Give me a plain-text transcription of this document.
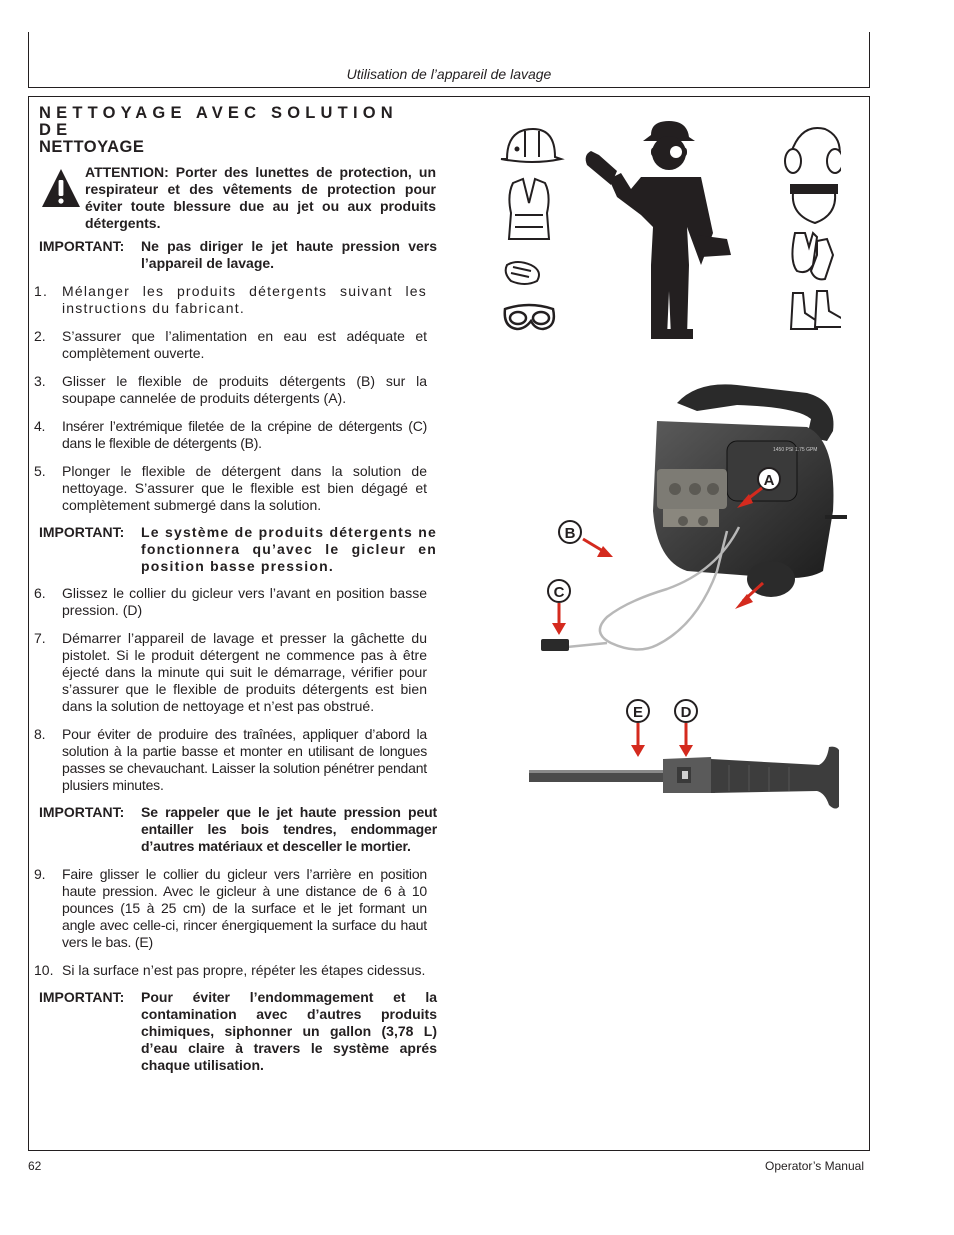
Utilisation de l’appareil de lavage
NETTOYAGE AVEC SOLUTION DE
NETTOYAGE
ATTENTION: Porter des lunettes de protection, un respirateur et des vêtements de protection pour éviter toute blessure due au jet ou aux produits détergents.
IMPORTANT: Ne pas diriger le jet haute pression vers l’appareil de lavage.
1. Mélanger les produits détergents suivant les instructions du fabricant.
2. S’assurer que l’alimentation en eau est adéquate et complètement ouverte.
3. Glisser le flexible de produits détergents (B) sur la soupape cannelée de produits détergents (A).
4. Insérer l’extrémique filetée de la crépine de détergents (C) dans le flexible de détergents (B).
5. Plonger le flexible de détergent dans la solution de nettoyage. S’assurer que le flexible est bien dégagé et complètement submergé dans la solution.
IMPORTANT: Le système de produits détergents ne fonctionnera qu’avec le gicleur en position basse pression.
6. Glissez le collier du gicleur vers l’avant en position basse pression. (D)
7. Démarrer l’appareil de lavage et presser la gâchette du pistolet. Si le produit détergent ne commence pas à être éjecté dans la minute qui suit le démarrage, vérifier pour s’assurer que le flexible de produits détergents est bien dans la solution de nettoyage et n’est pas obstrué.
8. Pour éviter de produire des traînées, appliquer d’abord la solution à la partie basse et monter en utilisant de longues passes se chevauchant. Laisser la solution pénétrer pendant plusiers minutes.
IMPORTANT: Se rappeler que le jet haute pression peut entailler les bois tendres, endommager d’autres matériaux et desceller le mortier.
9. Faire glisser le collier du gicleur vers l’arrière en position haute pression. Avec le gicleur à une distance de 6 à 10 pounces (15 à 25 cm) de la surface et le jet formant un angle avec celle-ci, rincer énergiquement la surface du haut vers le bas. (E)
10. Si la surface n’est pas propre, répéter les étapes cidessus.
IMPORTANT: Pour éviter l’endommagement et la contamination avec d’autres produits chimiques, siphonner un gallon (3,78 L) d’eau claire à travers le système aprés chaque utilisation.
1450 PSI 1.75 GPM
A
B
C
E	D
62	Operator’s Manual
